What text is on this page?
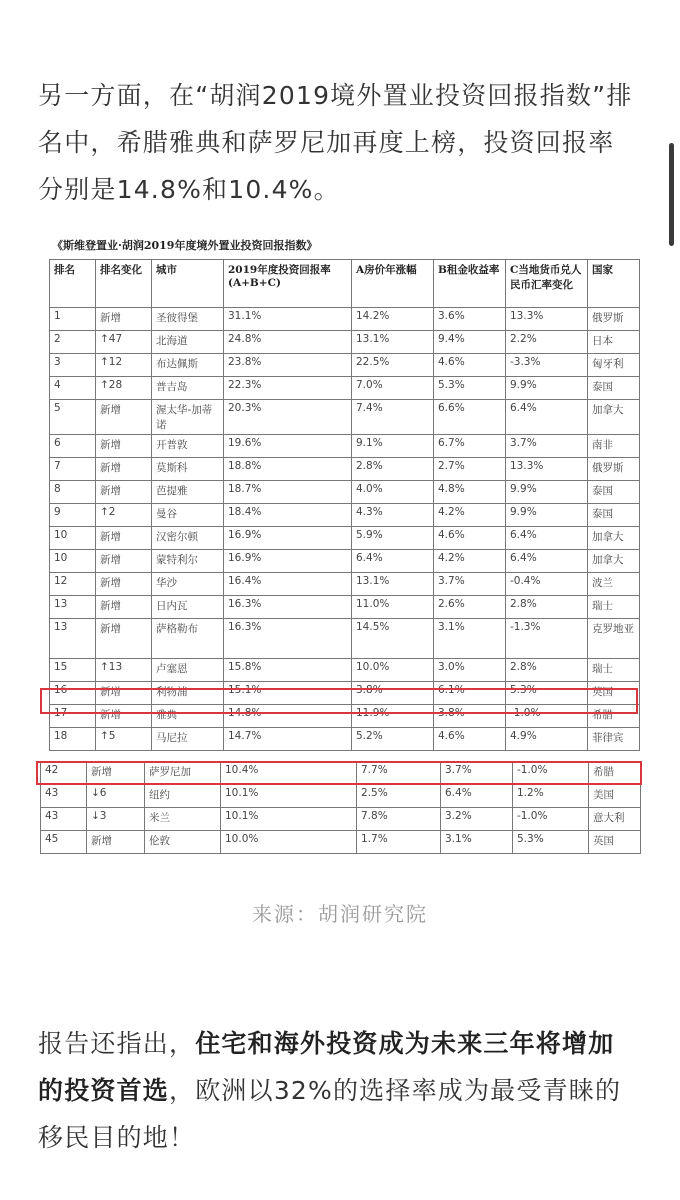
另一方面，在“胡润2019境外置业投资回报指数”排
名中，希腊雅典和萨罗尼加再度上榜，投资回报率
分别是14.8%和10.4%。

《斯维登置业·胡润2019年度境外置业投资回报指数》
排名	排名变化	城市	2019年度投资回报率
(A+B+C)	A房价年涨幅	B租金收益率	C当地货币兑人
民币汇率变化	国家
1	新增	圣彼得堡	31.1%	14.2%	3.6%	13.3%	俄罗斯
2	↑47	北海道	24.8%	13.1%	9.4%	2.2%	日本
3	↑12	布达佩斯	23.8%	22.5%	4.6%	-3.3%	匈牙利
4	↑28	普吉岛	22.3%	7.0%	5.3%	9.9%	泰国
5	新增	渥太华-加蒂诺	20.3%	7.4%	6.6%	6.4%	加拿大
6	新增	开普敦	19.6%	9.1%	6.7%	3.7%	南非
7	新增	莫斯科	18.8%	2.8%	2.7%	13.3%	俄罗斯
8	新增	芭提雅	18.7%	4.0%	4.8%	9.9%	泰国
9	↑2	曼谷	18.4%	4.3%	4.2%	9.9%	泰国
10	新增	汉密尔顿	16.9%	5.9%	4.6%	6.4%	加拿大
10	新增	蒙特利尔	16.9%	6.4%	4.2%	6.4%	加拿大
12	新增	华沙	16.4%	13.1%	3.7%	-0.4%	波兰
13	新增	日内瓦	16.3%	11.0%	2.6%	2.8%	瑞士
13	新增	萨格勒布	16.3%	14.5%	3.1%	-1.3%	克罗地亚
15	↑13	卢塞恩	15.8%	10.0%	3.0%	2.8%	瑞士
16	新增	利物浦	15.1%	3.8%	6.1%	5.3%	英国
17	新增	雅典	14.8%	11.9%	3.8%	-1.0%	希腊
18	↑5	马尼拉	14.7%	5.2%	4.6%	4.9%	菲律宾
42	新增	萨罗尼加	10.4%	7.7%	3.7%	-1.0%	希腊
43	↓6	纽约	10.1%	2.5%	6.4%	1.2%	美国
43	↓3	米兰	10.1%	7.8%	3.2%	-1.0%	意大利
45	新增	伦敦	10.0%	1.7%	3.1%	5.3%	英国
来源：胡润研究院

报告还指出，住宅和海外投资成为未来三年将增加
的投资首选，欧洲以32%的选择率成为最受青睐的
移民目的地！
